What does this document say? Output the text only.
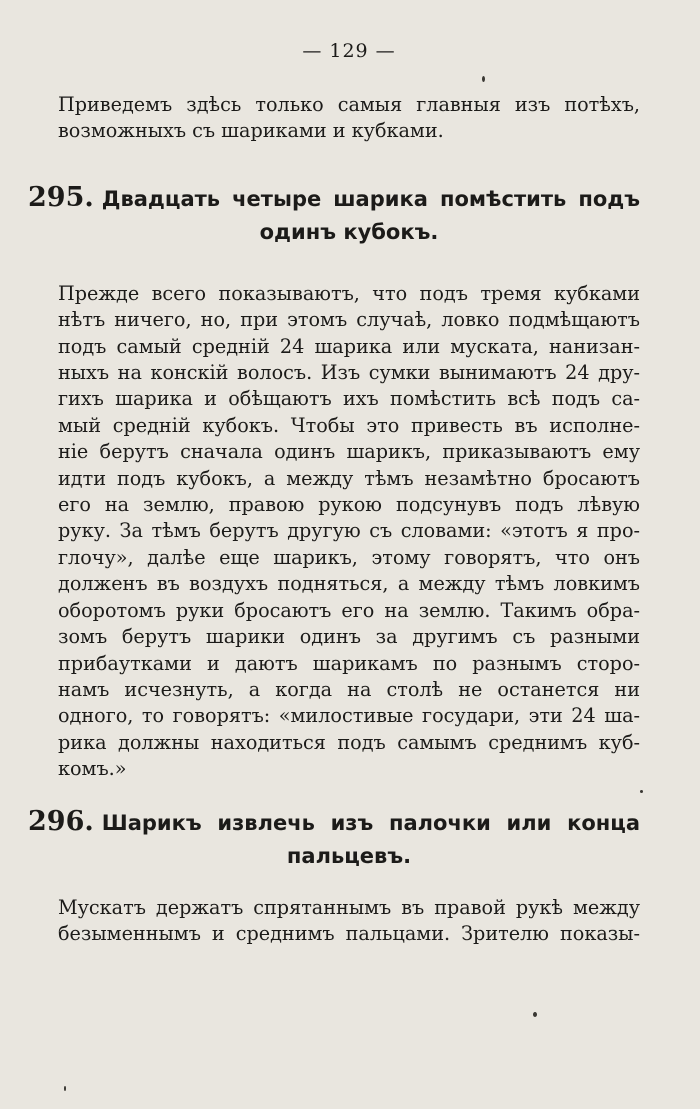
— 129 —
Приведемъ здѣсь только самыя главныя изъ потѣхъ,
возможныхъ съ шариками и кубками.
295. Двадцать четыре шарика помѣстить подъ
одинъ кубокъ.
Прежде всего показываютъ, что подъ тремя кубками
нѣтъ ничего, но, при этомъ случаѣ, ловко подмѣщаютъ
подъ самый среднiй 24 шарика или муската, нанизан-
ныхъ на конскiй волосъ. Изъ сумки вынимаютъ 24 дру-
гихъ шарика и обѣщаютъ ихъ помѣстить всѣ подъ са-
мый среднiй кубокъ. Чтобы это привесть въ исполне-
нiе берутъ сначала одинъ шарикъ, приказываютъ ему
идти подъ кубокъ, а между тѣмъ незамѣтно бросаютъ
его на землю, правою рукою подсунувъ подъ лѣвую
руку. За тѣмъ берутъ другую съ словами: «этотъ я про-
глочу», далѣе еще шарикъ, этому говорятъ, что онъ
долженъ въ воздухъ подняться, а между тѣмъ ловкимъ
оборотомъ руки бросаютъ его на землю. Такимъ обра-
зомъ берутъ шарики одинъ за другимъ съ разными
прибаутками и даютъ шарикамъ по разнымъ сторо-
намъ исчезнуть, а когда на столѣ не останется ни
одного, то говорятъ: «милостивые государи, эти 24 ша-
рика должны находиться подъ самымъ среднимъ куб-
комъ.»
296. Шарикъ извлечь изъ палочки или конца
пальцевъ.
Мускатъ держатъ спрятаннымъ въ правой рукѣ между
безыменнымъ и среднимъ пальцами. Зрителю показы-
